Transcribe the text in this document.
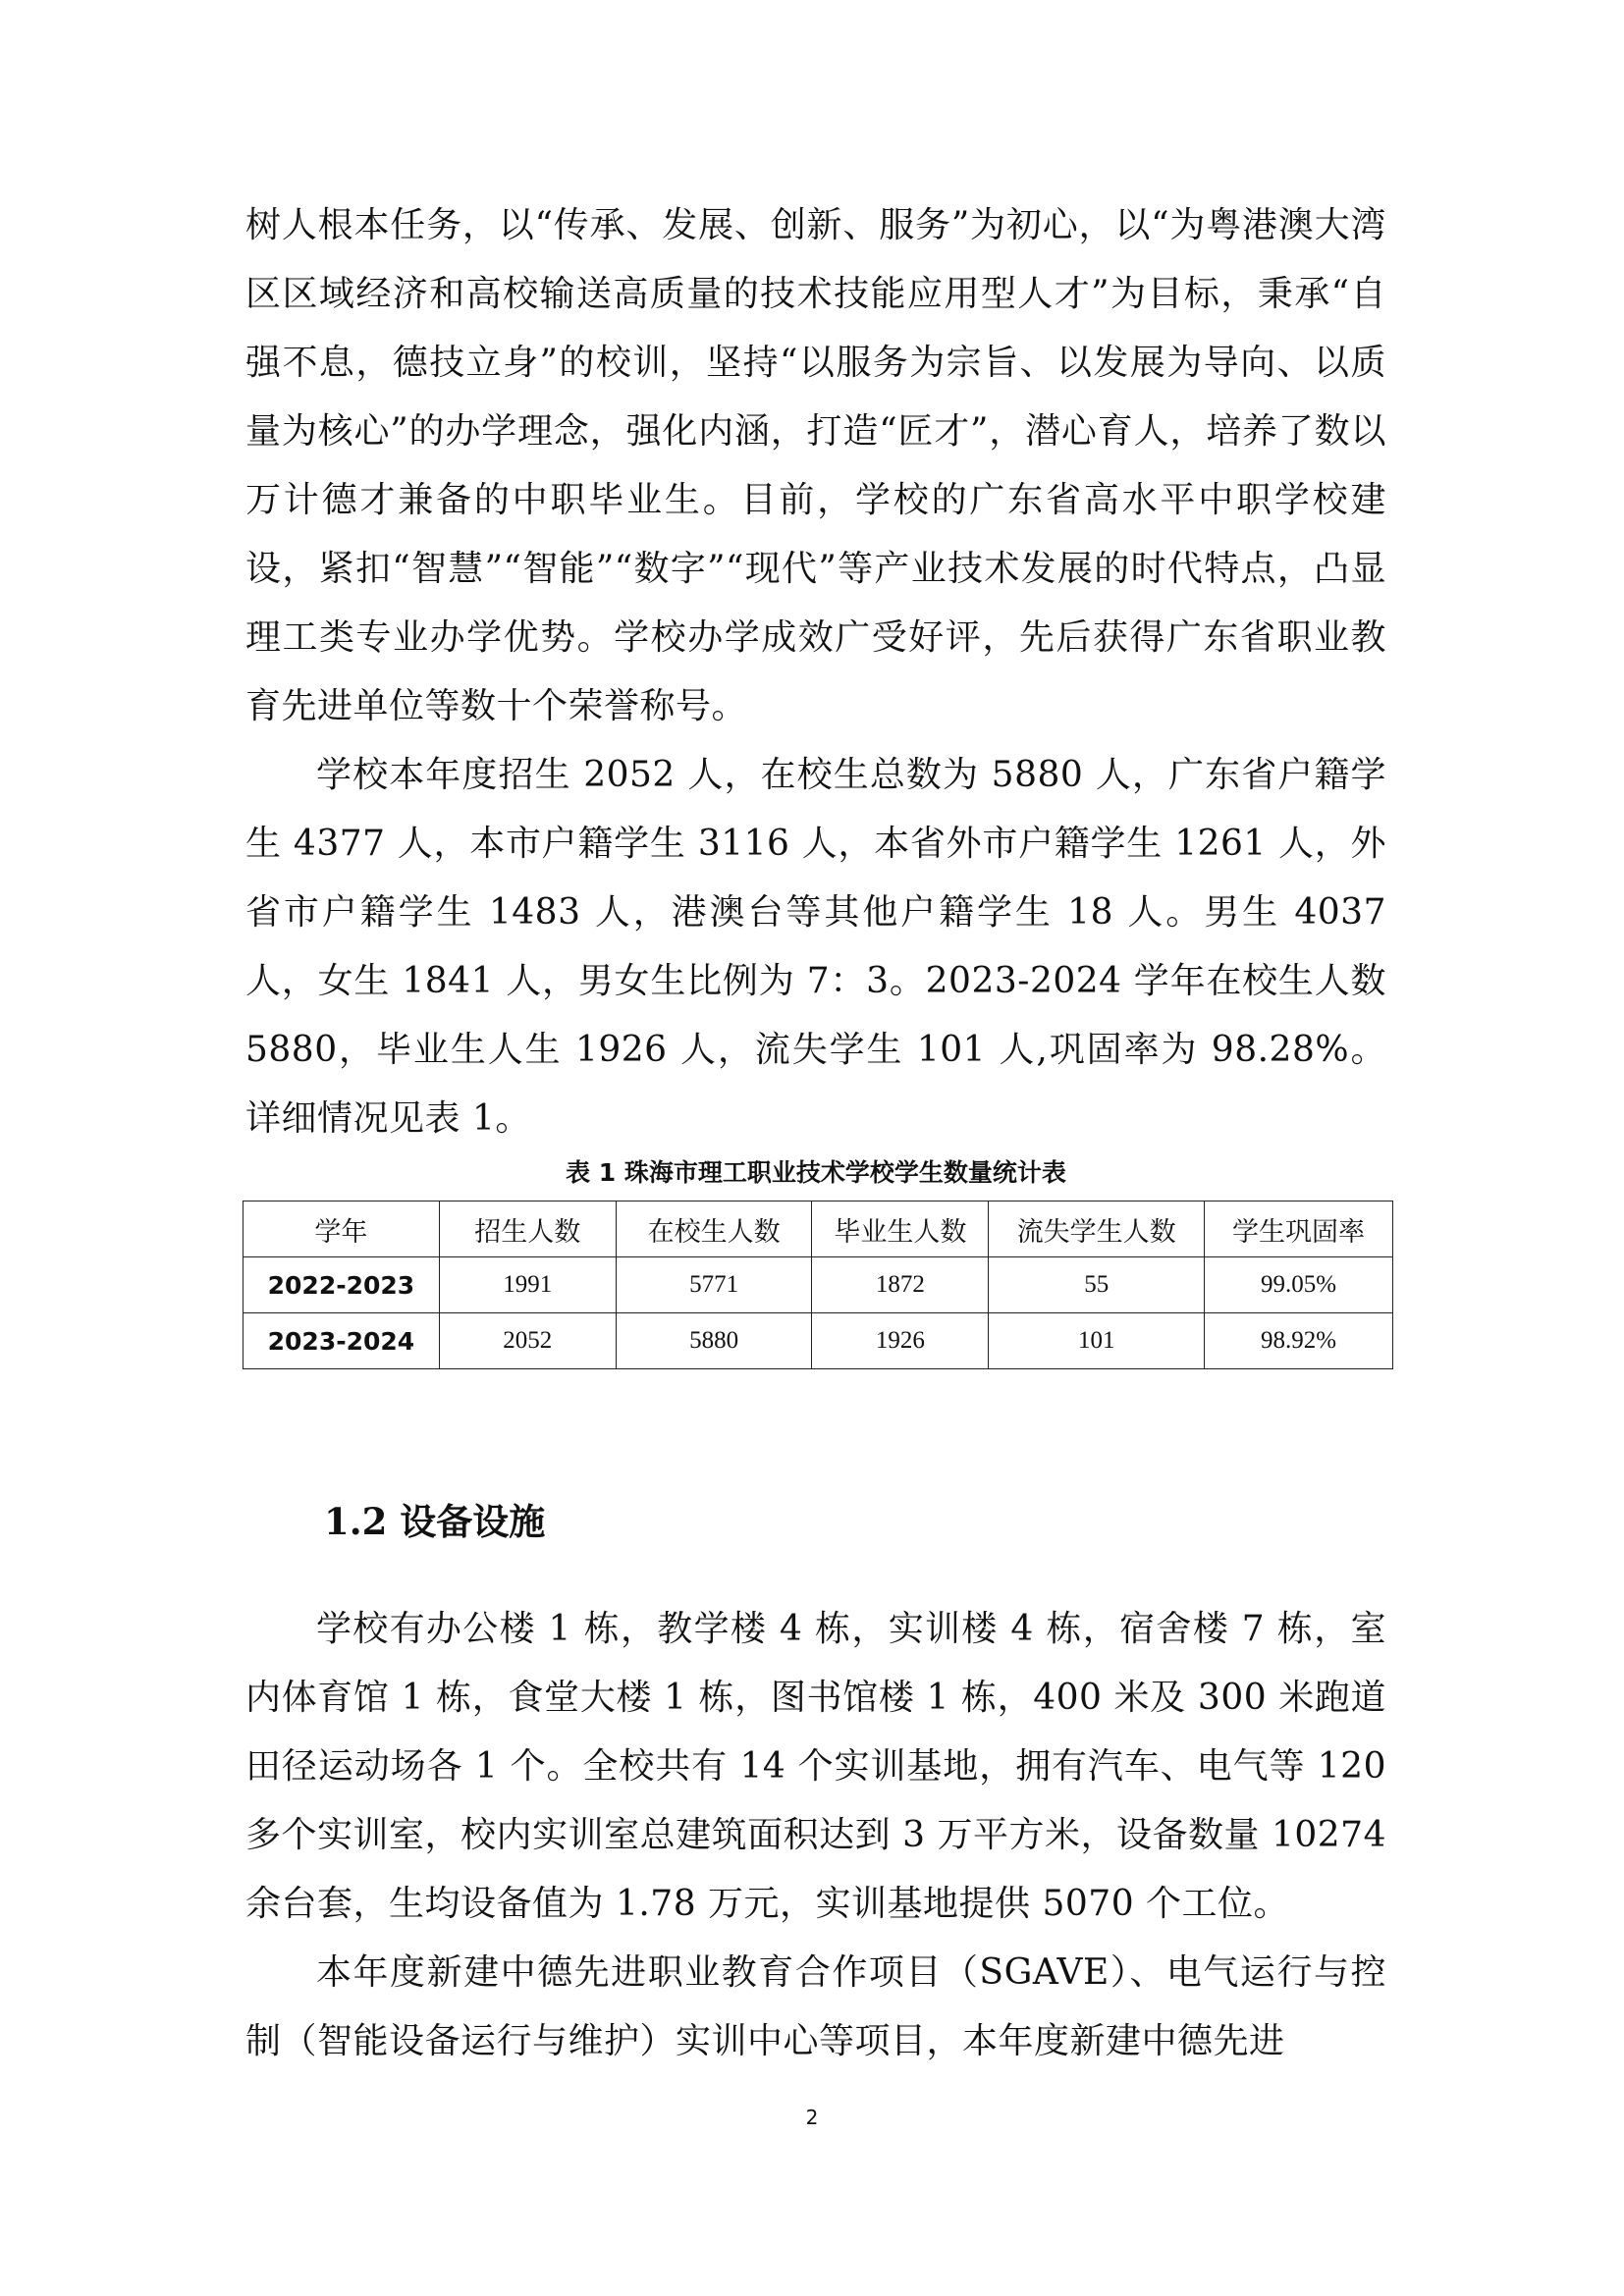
树人根本任务，以“传承、发展、创新、服务”为初心，以“为粤港澳大湾区区域经济和高校输送高质量的技术技能应用型人才”为目标，秉承“自强不息，德技立身”的校训，坚持“以服务为宗旨、以发展为导向、以质量为核心”的办学理念，强化内涵，打造“匠才”，潜心育人，培养了数以万计德才兼备的中职毕业生。目前，学校的广东省高水平中职学校建设，紧扣“智慧”“智能”“数字”“现代”等产业技术发展的时代特点，凸显理工类专业办学优势。学校办学成效广受好评，先后获得广东省职业教育先进单位等数十个荣誉称号。

学校本年度招生 2052 人，在校生总数为 5880 人，广东省户籍学生 4377 人，本市户籍学生 3116 人，本省外市户籍学生 1261 人，外省市户籍学生 1483 人，港澳台等其他户籍学生 18 人。男生 4037 人，女生 1841 人，男女生比例为 7：3。2023-2024 学年在校生人数 5880，毕业生人生 1926 人，流失学生 101 人,巩固率为 98.28%。详细情况见表 1。

表 1 珠海市理工职业技术学校学生数量统计表
学年	招生人数	在校生人数	毕业生人数	流失学生人数	学生巩固率
2022-2023	1991	5771	1872	55	99.05%
2023-2024	2052	5880	1926	101	98.92%
1.2 设备设施

学校有办公楼 1 栋，教学楼 4 栋，实训楼 4 栋，宿舍楼 7 栋，室内体育馆 1 栋，食堂大楼 1 栋，图书馆楼 1 栋，400 米及 300 米跑道田径运动场各 1 个。全校共有 14 个实训基地，拥有汽车、电气等 120 多个实训室，校内实训室总建筑面积达到 3 万平方米，设备数量 10274 余台套，生均设备值为 1.78 万元，实训基地提供 5070 个工位。

本年度新建中德先进职业教育合作项目（SGAVE）、电气运行与控制（智能设备运行与维护）实训中心等项目，本年度新建中德先进

2
